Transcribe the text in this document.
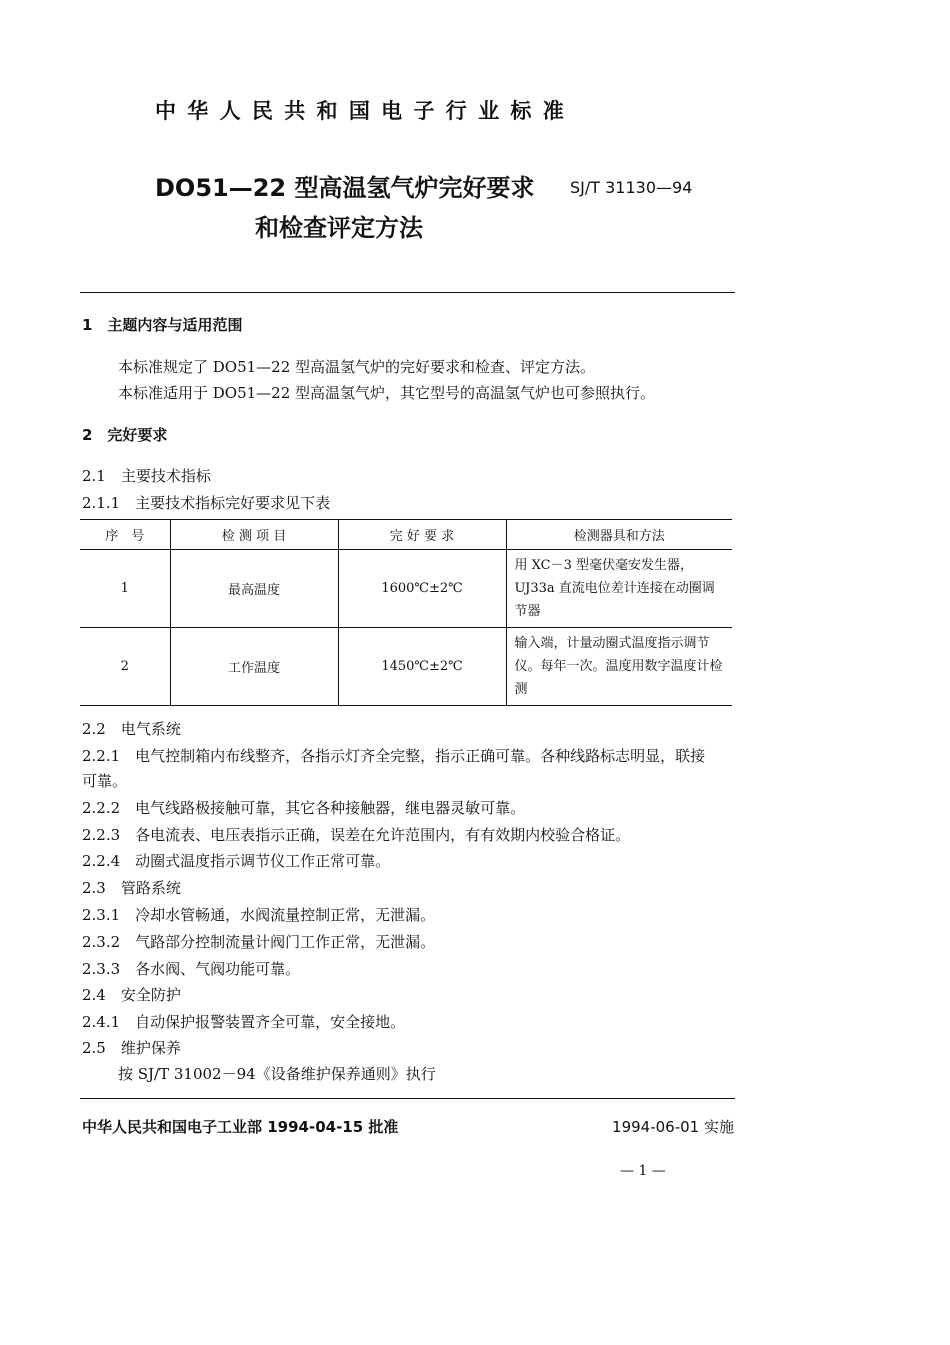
中 华 人 民 共 和 国 电 子 行 业 标 准
DO51—22 型高温氢气炉完好要求
和检查评定方法
SJ/T 31130—94
1　主题内容与适用范围
本标准规定了 DO51—22 型高温氢气炉的完好要求和检查、评定方法。
本标准适用于 DO51—22 型高温氢气炉，其它型号的高温氢气炉也可参照执行。
2　完好要求
2.1　主要技术指标
2.1.1　主要技术指标完好要求见下表
序　号	检 测 项 目	完 好 要 求	检测器具和方法
1	最高温度	1600℃±2℃	用 XC－3 型毫伏毫安发生器，UJ33a 直流电位差计连接在动圈调节器
2	工作温度	1450℃±2℃	输入端，计量动圈式温度指示调节仪。每年一次。温度用数字温度计检测
2.2　电气系统
2.2.1　电气控制箱内布线整齐，各指示灯齐全完整，指示正确可靠。各种线路标志明显，联接
可靠。
2.2.2　电气线路极接触可靠，其它各种接触器，继电器灵敏可靠。
2.2.3　各电流表、电压表指示正确，误差在允许范围内，有有效期内校验合格证。
2.2.4　动圈式温度指示调节仪工作正常可靠。
2.3　管路系统
2.3.1　冷却水管畅通，水阀流量控制正常，无泄漏。
2.3.2　气路部分控制流量计阀门工作正常，无泄漏。
2.3.3　各水阀、气阀功能可靠。
2.4　安全防护
2.4.1　自动保护报警装置齐全可靠，安全接地。
2.5　维护保养
按 SJ/T 31002－94《设备维护保养通则》执行
中华人民共和国电子工业部 1994-04-15 批准	1994-06-01 实施
— 1 —
